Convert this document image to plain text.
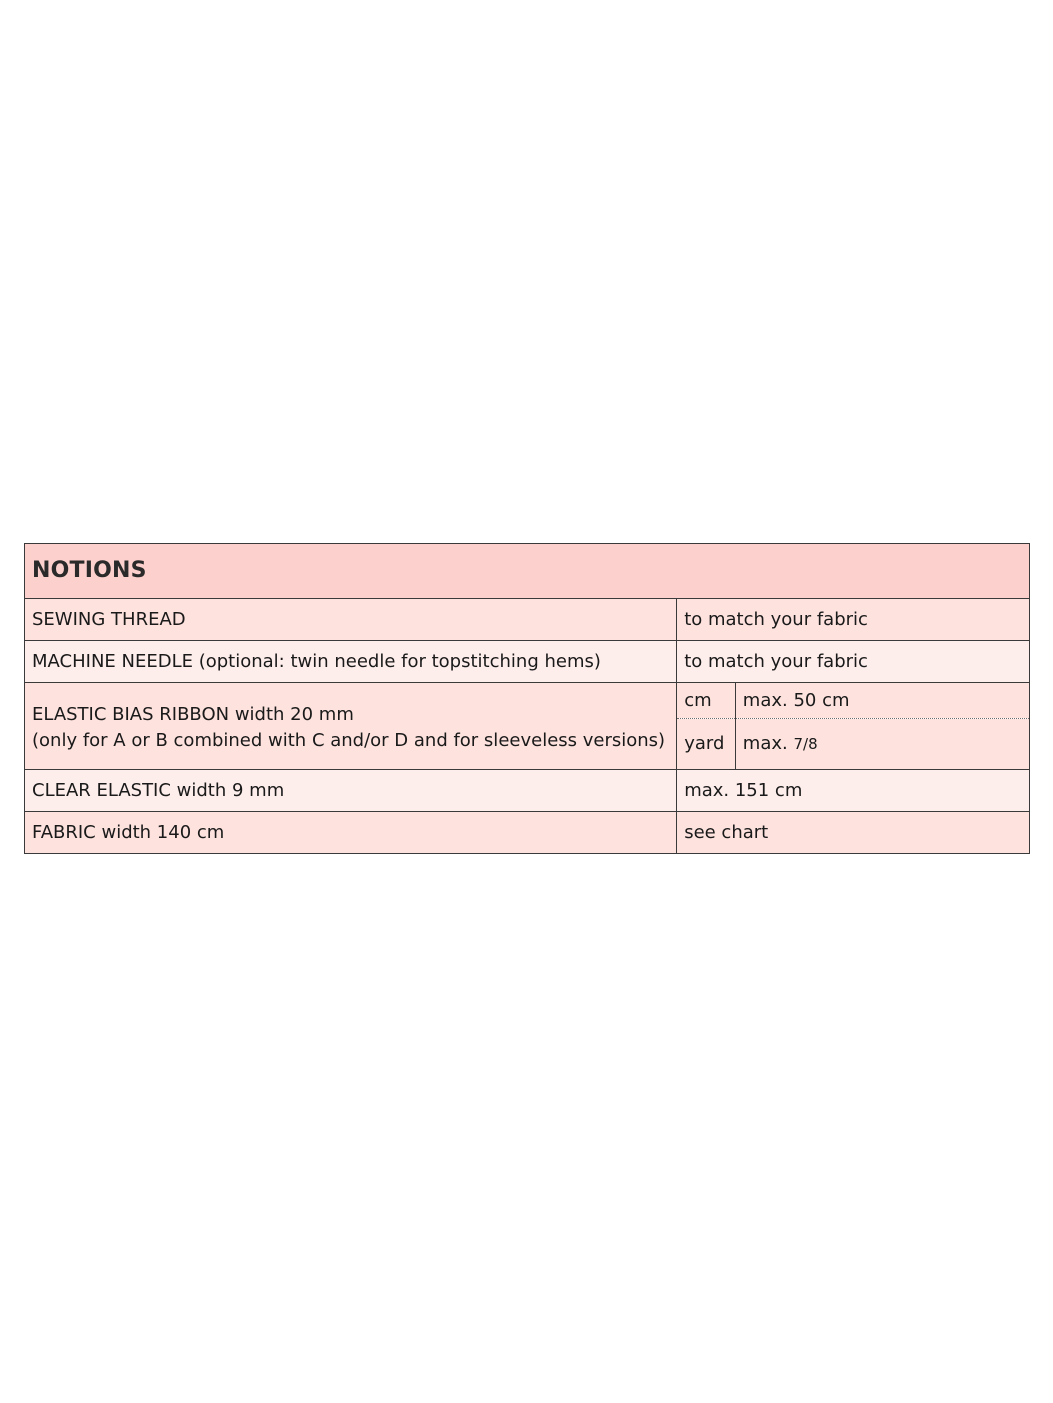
NOTIONS		
SEWING THREAD	to match your fabric	
MACHINE NEEDLE (optional: twin needle for topstitching hems)	to match your fabric	

ELASTIC BIAS RIBBON width 20 mm
(only for A or B combined with C and/or D and for sleeveless versions)	cm	max. 50 cm
	yard	max. 7/8
CLEAR ELASTIC width 9 mm	max. 151 cm	
FABRIC width 140 cm	see chart	
